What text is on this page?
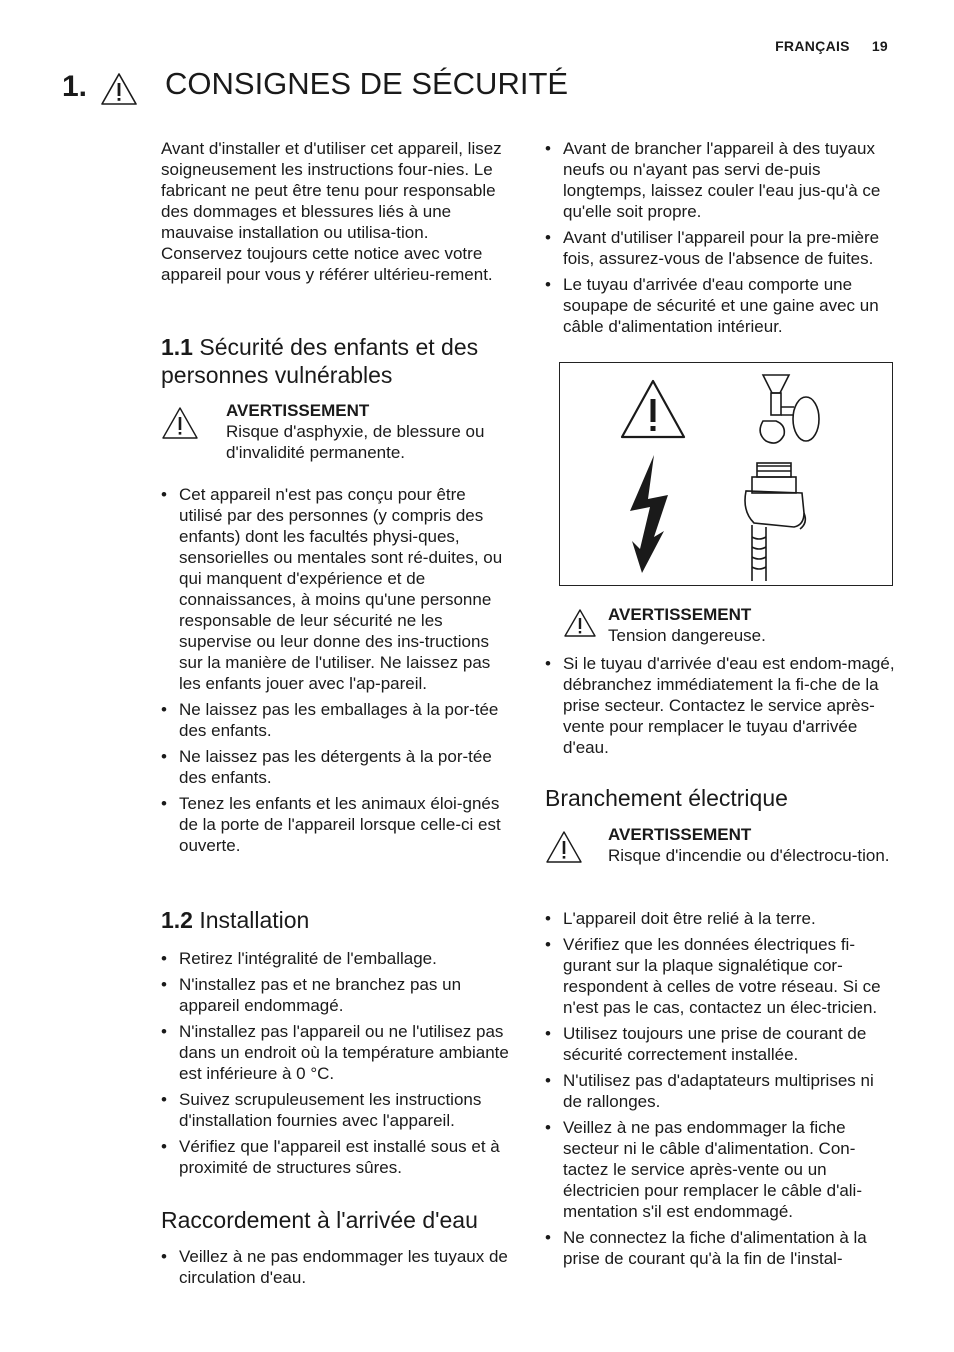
FRANÇAIS 19
1.	CONSIGNES DE SÉCURITÉ

Avant d'installer et d'utiliser cet appareil, lisez soigneusement les instructions four-nies. Le fabricant ne peut être tenu pour responsable des dommages et blessures liés à une mauvaise installation ou utilisa-tion. Conservez toujours cette notice avec votre appareil pour vous y référer ultérieu-rement.

1.1 Sécurité des enfants et des personnes vulnérables
AVERTISSEMENT
Risque d'asphyxie, de blessure ou d'invalidité permanente.
• Cet appareil n'est pas conçu pour être utilisé par des personnes (y compris des enfants) dont les facultés physi-ques, sensorielles ou mentales sont ré-duites, ou qui manquent d'expérience et de connaissances, à moins qu'une personne responsable de leur sécurité ne les supervise ou leur donne des ins-tructions sur la manière de l'utiliser. Ne laissez pas les enfants jouer avec l'ap-pareil.
• Ne laissez pas les emballages à la por-tée des enfants.
• Ne laissez pas les détergents à la por-tée des enfants.
• Tenez les enfants et les animaux éloi-gnés de la porte de l'appareil lorsque celle-ci est ouverte.
1.2 Installation
• Retirez l'intégralité de l'emballage.
• N'installez pas et ne branchez pas un appareil endommagé.
• N'installez pas l'appareil ou ne l'utilisez pas dans un endroit où la température ambiante est inférieure à 0 °C.
• Suivez scrupuleusement les instructions d'installation fournies avec l'appareil.
• Vérifiez que l'appareil est installé sous et à proximité de structures sûres.
Raccordement à l'arrivée d'eau
• Veillez à ne pas endommager les tuyaux de circulation d'eau.
• Avant de brancher l'appareil à des tuyaux neufs ou n'ayant pas servi de-puis longtemps, laissez couler l'eau jus-qu'à ce qu'elle soit propre.
• Avant d'utiliser l'appareil pour la pre-mière fois, assurez-vous de l'absence de fuites.
• Le tuyau d'arrivée d'eau comporte une soupape de sécurité et une gaine avec un câble d'alimentation intérieur.
AVERTISSEMENT
Tension dangereuse.
• Si le tuyau d'arrivée d'eau est endom-magé, débranchez immédiatement la fi-che de la prise secteur. Contactez le service après-vente pour remplacer le tuyau d'arrivée d'eau.
Branchement électrique
AVERTISSEMENT
Risque d'incendie ou d'électrocu-tion.
• L'appareil doit être relié à la terre.
• Vérifiez que les données électriques fi-gurant sur la plaque signalétique cor-respondent à celles de votre réseau. Si ce n'est pas le cas, contactez un élec-tricien.
• Utilisez toujours une prise de courant de sécurité correctement installée.
• N'utilisez pas d'adaptateurs multiprises ni de rallonges.
• Veillez à ne pas endommager la fiche secteur ni le câble d'alimentation. Con-tactez le service après-vente ou un électricien pour remplacer le câble d'ali-mentation s'il est endommagé.
• Ne connectez la fiche d'alimentation à la prise de courant qu'à la fin de l'instal-
